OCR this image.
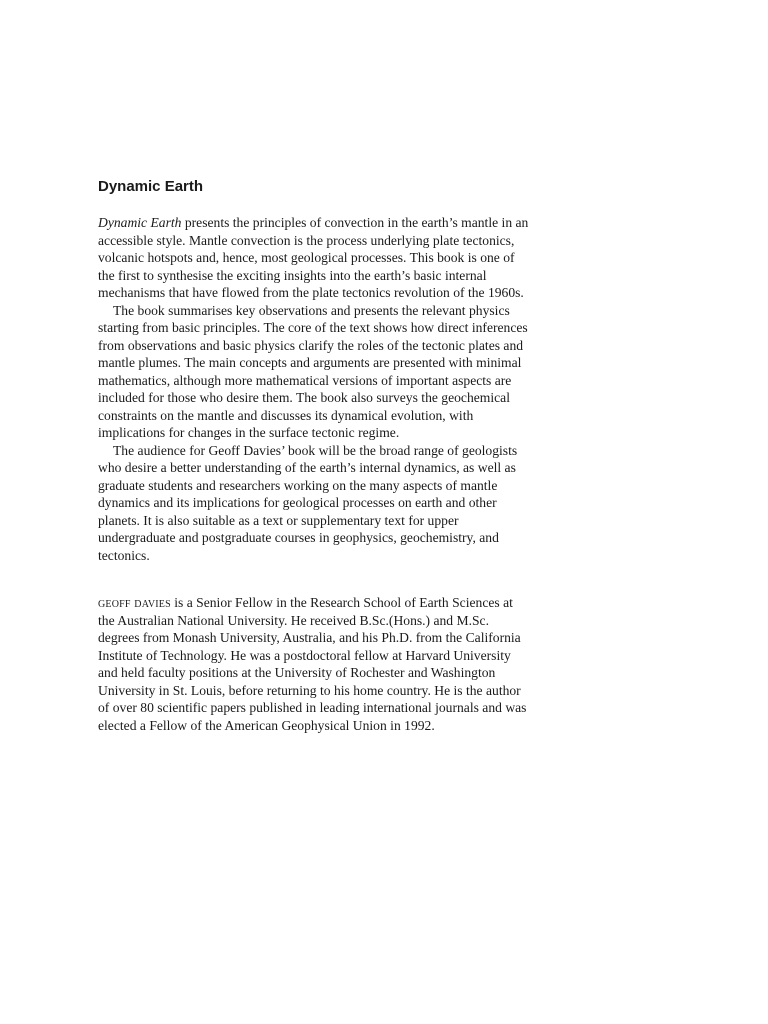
Dynamic Earth

Dynamic Earth presents the principles of convection in the earth’s mantle in an accessible style. Mantle convection is the process underlying plate tectonics, volcanic hotspots and, hence, most geological processes. This book is one of the first to synthesise the exciting insights into the earth’s basic internal mechanisms that have flowed from the plate tectonics revolution of the 1960s.

The book summarises key observations and presents the relevant physics starting from basic principles. The core of the text shows how direct inferences from observations and basic physics clarify the roles of the tectonic plates and mantle plumes. The main concepts and arguments are presented with minimal mathematics, although more mathematical versions of important aspects are included for those who desire them. The book also surveys the geochemical constraints on the mantle and discusses its dynamical evolution, with implications for changes in the surface tectonic regime.

The audience for Geoff Davies’ book will be the broad range of geologists who desire a better understanding of the earth’s internal dynamics, as well as graduate students and researchers working on the many aspects of mantle dynamics and its implications for geological processes on earth and other planets. It is also suitable as a text or supplementary text for upper undergraduate and postgraduate courses in geophysics, geochemistry, and tectonics.

geoff davies is a Senior Fellow in the Research School of Earth Sciences at the Australian National University. He received B.Sc.(Hons.) and M.Sc. degrees from Monash University, Australia, and his Ph.D. from the California Institute of Technology. He was a postdoctoral fellow at Harvard University and held faculty positions at the University of Rochester and Washington University in St. Louis, before returning to his home country. He is the author of over 80 scientific papers published in leading international journals and was elected a Fellow of the American Geophysical Union in 1992.
